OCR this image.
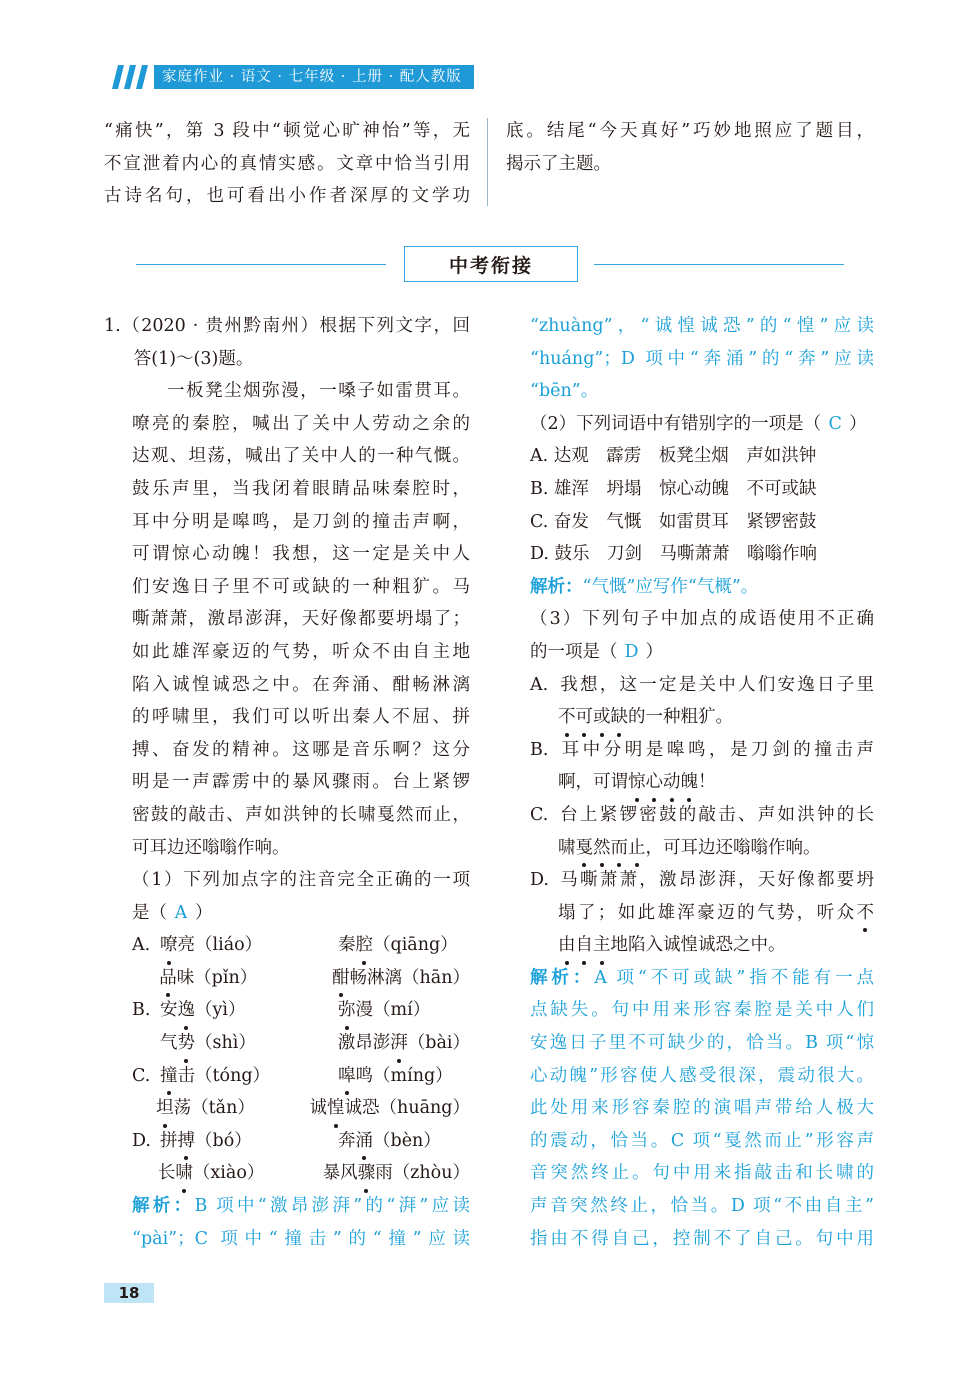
家庭作业 · 语文 · 七年级 · 上册 · 配人教版

“痛快”，第 3 段中“顿觉心旷神怡”等，无

不宣泄着内心的真情实感。文章中恰当引用

古诗名句，也可看出小作者深厚的文学功

底。结尾“今天真好”巧妙地照应了题目，

揭示了主题。

中考衔接

1.（2020 · 贵州黔南州）根据下列文字，回

答(1)～(3)题。

一板凳尘烟弥漫，一嗓子如雷贯耳。

嘹亮的秦腔，喊出了关中人劳动之余的

达观、坦荡，喊出了关中人的一种气慨。

鼓乐声里，当我闭着眼睛品味秦腔时，

耳中分明是嗥鸣，是刀剑的撞击声啊，

可谓惊心动魄！我想，这一定是关中人

们安逸日子里不可或缺的一种粗犷。马

嘶萧萧，激昂澎湃，天好像都要坍塌了；

如此雄浑豪迈的气势，听众不由自主地

陷入诚惶诚恐之中。在奔涌、酣畅淋漓

的呼啸里，我们可以听出秦人不屈、拼

搏、奋发的精神。这哪是音乐啊？这分

明是一声霹雳中的暴风骤雨。台上紧锣

密鼓的敲击、声如洪钟的长啸戛然而止，

可耳边还嗡嗡作响。

（1）下列加点字的注音完全正确的一项

是（ A ）

A. 嘹亮（liáo）	秦腔（qiāng）
品味（pǐn）	酣畅淋漓（hān）
B. 安逸（yì）	弥漫（mí）
气势（shì）	激昂澎湃（bài）
C. 撞击（tóng）	嗥鸣（míng）
坦荡（tǎn）	诚惶诚恐（huāng）
D. 拼搏（bó）	奔涌（bèn）
长啸（xiào）	暴风骤雨（zhòu）

解析：B 项中“激昂澎湃”的“湃”应读

“pài”；C 项中“撞击”的“撞”应读

“zhuàng”，“诚惶诚恐”的“惶”应读

“huáng”；D 项中“奔涌”的“奔”应读

“bēn”。

（2）下列词语中有错别字的一项是（ C ）

A. 达观　霹雳　板凳尘烟　声如洪钟

B. 雄浑　坍塌　惊心动魄　不可或缺

C. 奋发　气慨　如雷贯耳　紧锣密鼓

D. 鼓乐　刀剑　马嘶萧萧　嗡嗡作响

解析：“气慨”应写作“气概”。

（3）下列句子中加点的成语使用不正确

的一项是（ D ）

A. 我想，这一定是关中人们安逸日子里

不可或缺的一种粗犷。

B. 耳中分明是嗥鸣，是刀剑的撞击声

啊，可谓惊心动魄！

C. 台上紧锣密鼓的敲击、声如洪钟的长

啸戛然而止，可耳边还嗡嗡作响。

D. 马嘶萧萧，激昂澎湃，天好像都要坍

塌了；如此雄浑豪迈的气势，听众不

由自主地陷入诚惶诚恐之中。

解析：A 项“不可或缺”指不能有一点

点缺失。句中用来形容秦腔是关中人们

安逸日子里不可缺少的，恰当。B 项“惊

心动魄”形容使人感受很深，震动很大。

此处用来形容秦腔的演唱声带给人极大

的震动，恰当。C 项“戛然而止”形容声

音突然终止。句中用来指敲击和长啸的

声音突然终止，恰当。D 项“不由自主”

指由不得自己，控制不了自己。句中用

18
